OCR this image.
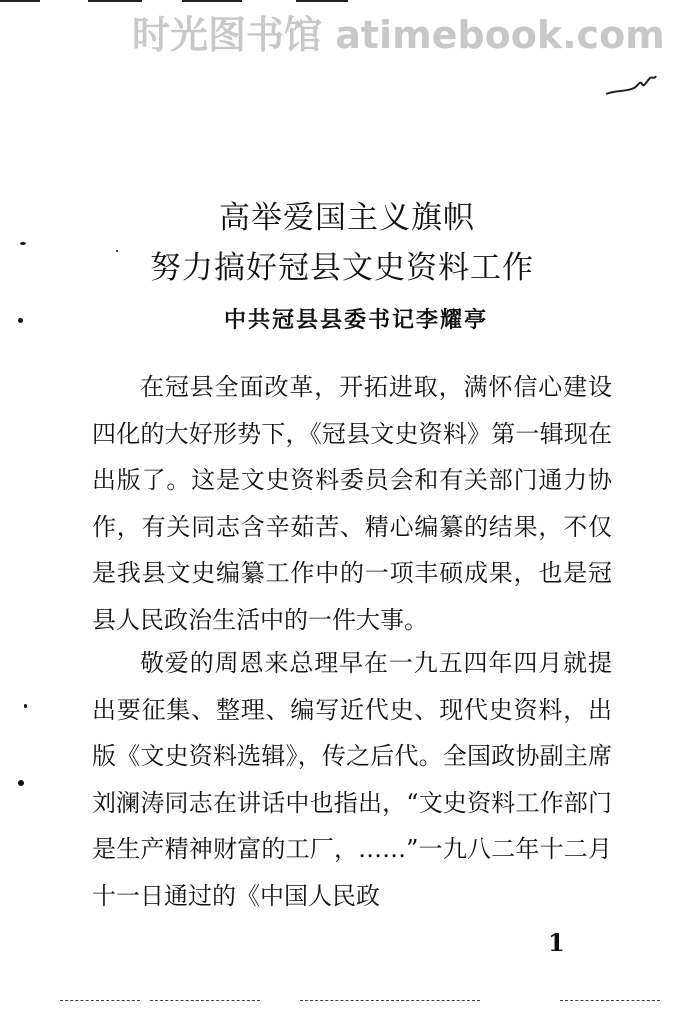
时光图书馆 atimebook.com
高举爱国主义旗帜
努力搞好冠县文史资料工作
中共冠县县委书记李耀亭

在冠县全面改革，开拓进取，满怀信心建设四化的大好形势下，《冠县文史资料》第一辑现在出版了。这是文史资料委员会和有关部门通力协作，有关同志含辛茹苦、精心编纂的结果，不仅是我县文史编纂工作中的一项丰硕成果，也是冠县人民政治生活中的一件大事。

敬爱的周恩来总理早在一九五四年四月就提出要征集、整理、编写近代史、现代史资料，出版《文史资料选辑》，传之后代。全国政协副主席刘澜涛同志在讲话中也指出，“文史资料工作部门是生产精神财富的工厂，……”一九八二年十二月十一日通过的《中国人民政

1
